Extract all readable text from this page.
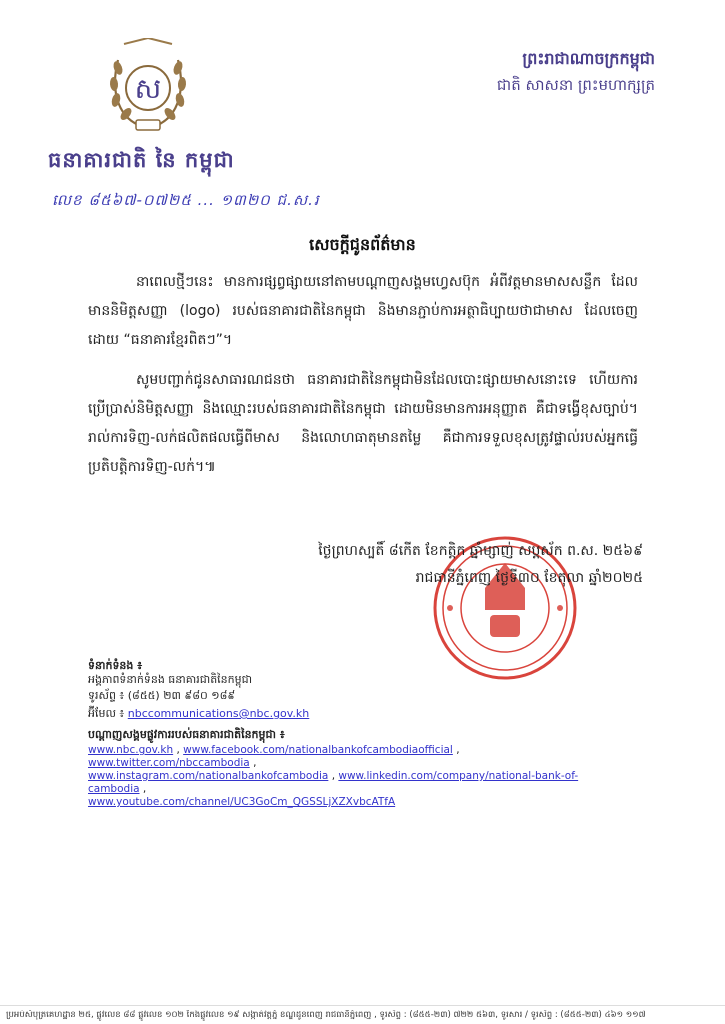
ស
ធនាគារជាតិ នៃ កម្ពុជា
លេខ ៨៥៦៧-០៧២៥ ... ១៣២០ ជ.ស.រ
ព្រះរាជាណាចក្រកម្ពុជា
ជាតិ សាសនា ព្រះមហាក្សត្រ
សេចក្តីជូនព័ត៌មាន
នាពេលថ្មីៗនេះ មានការផ្សព្វផ្សាយនៅតាមបណ្ដាញសង្គមហ្វេសប៊ុក អំពីវត្តមានមាសសន្លឹក ដែលមាននិមិត្តសញ្ញា (logo) របស់ធនាគារជាតិនៃកម្ពុជា និងមានភ្ជាប់ការអត្ថាធិប្បាយថាជាមាស ដែលចេញដោយ “ធនាគារខ្មែរពិតៗ”។
សូមបញ្ជាក់ជូនសាធារណជនថា ធនាគារជាតិនៃកម្ពុជាមិនដែលបោះផ្សាយមាសនោះទេ ហើយការប្រើប្រាស់និមិត្តសញ្ញា និងឈ្មោះរបស់ធនាគារជាតិនៃកម្ពុជា ដោយមិនមានការអនុញ្ញាត គឺជាទង្វើខុសច្បាប់។ រាល់ការទិញ-លក់ផលិតផលធ្វើពីមាស និងលោហធាតុមានតម្លៃ គឺជាការទទួលខុសត្រូវផ្ទាល់របស់អ្នកធ្វើប្រតិបត្តិការទិញ-លក់។៕
ថ្ងៃព្រហស្បតិ៍ ៨កើត ខែកត្តិក ឆ្នាំម្សាញ់ សប្តស័ក ព.ស. ២៥៦៩
រាជធានីភ្នំពេញ ថ្ងៃទី៣០ ខែតុលា ឆ្នាំ២០២៥
ទំនាក់ទំនង ៖
អង្គភាពទំនាក់ទំនង ធនាគារជាតិនៃកម្ពុជា
ទូរស័ព្ទ ៖ (៨៥៥) ២៣ ៩៨០ ១៨៩
អ៊ីមែល ៖ nbccommunications@nbc.gov.kh
បណ្ដាញសង្គមផ្លូវការរបស់ធនាគារជាតិនៃកម្ពុជា ៖
www.nbc.gov.kh , www.facebook.com/nationalbankofcambodiaofficial , www.twitter.com/nbccambodia ,
www.instagram.com/nationalbankofcambodia , www.linkedin.com/company/national-bank-of-cambodia ,
www.youtube.com/channel/UC3GoCm_QGSSLjXZXvbcATfA
ប្រអប់សំបុត្រគេហដ្ឋាន ២៥, ផ្លូវលេខ ៨៨ ផ្លូវលេខ ១០២ កែងផ្លូវលេខ ១៩ សង្កាត់វត្តភ្នំ ខណ្ឌដូនពេញ រាជធានីភ្នំពេញ , ទូរស័ព្ទ : (៨៥៥-២៣) ៧២២ ៥៦៣, ទូរសារ / ទូរស័ព្ទ : (៨៥៥-២៣) ៤៦១ ១១៧
